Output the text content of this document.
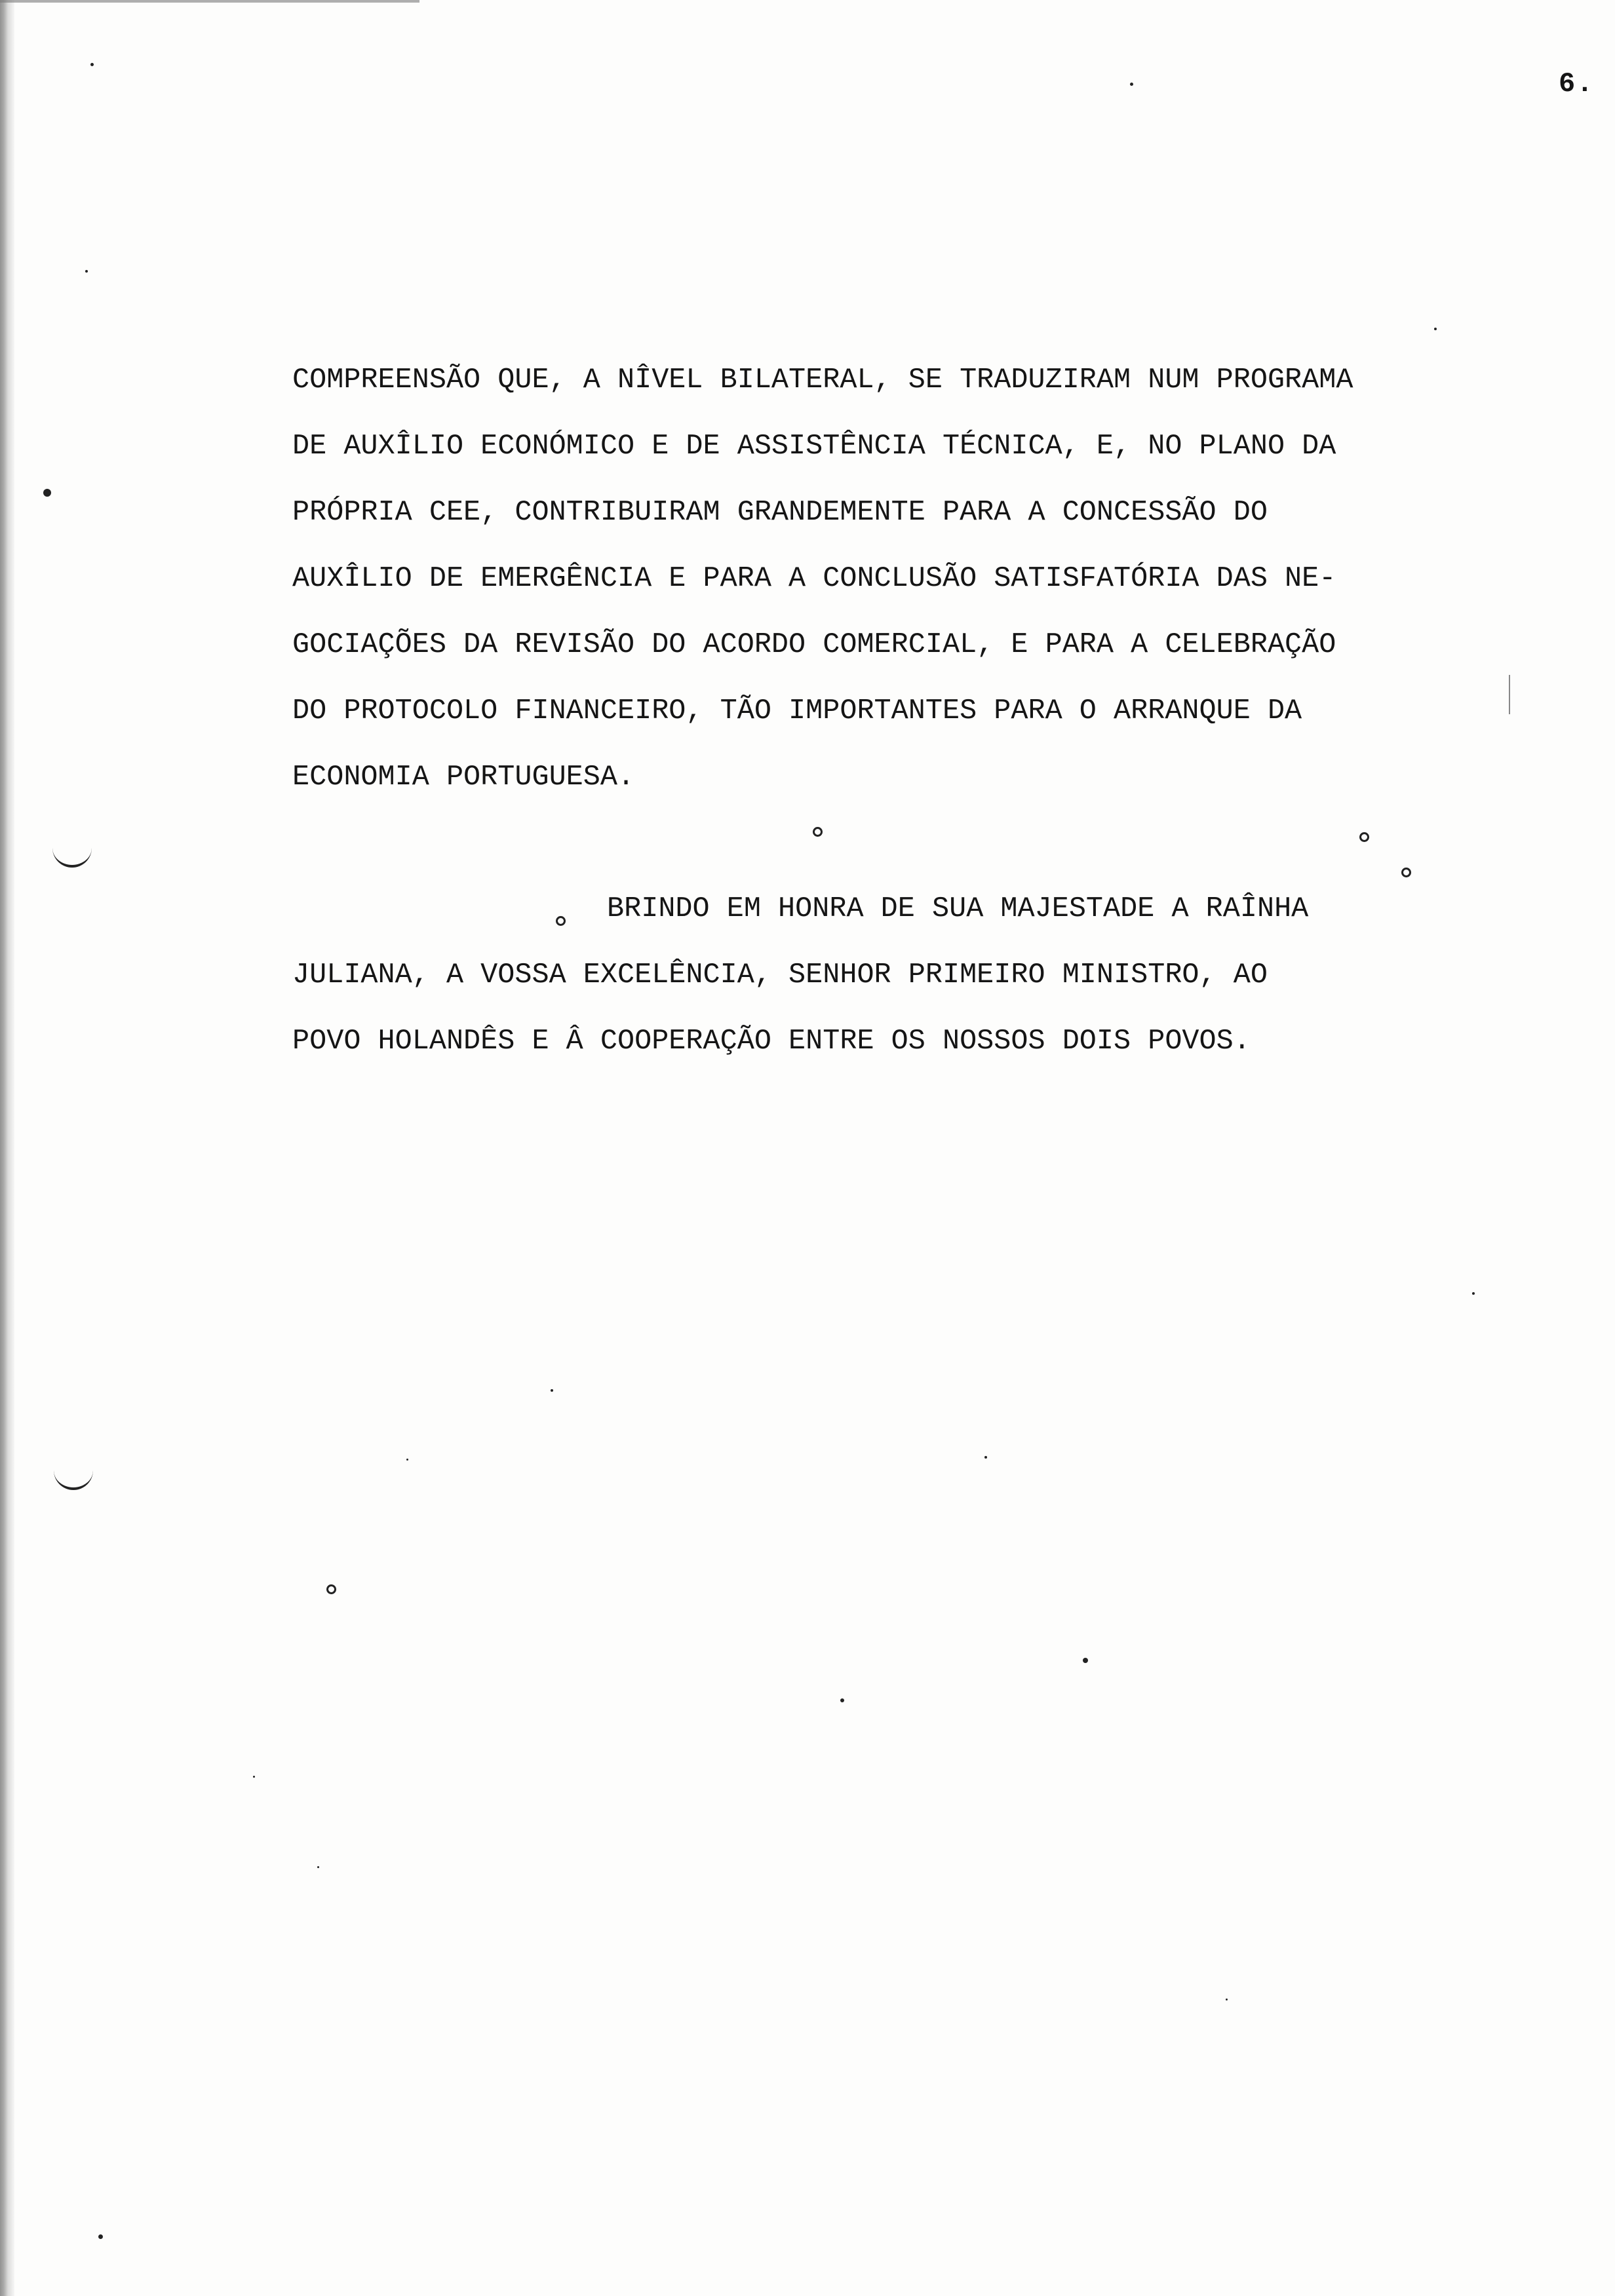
6.
COMPREENSÃO QUE, A NÎVEL BILATERAL, SE TRADUZIRAM NUM PROGRAMA
DE AUXÎLIO ECONÓMICO E DE ASSISTÊNCIA TÉCNICA, E, NO PLANO DA
PRÓPRIA CEE, CONTRIBUIRAM GRANDEMENTE PARA A CONCESSÃO DO
AUXÎLIO DE EMERGÊNCIA E PARA A CONCLUSÃO SATISFATÓRIA DAS NE-
GOCIAÇÕES DA REVISÃO DO ACORDO COMERCIAL, E PARA A CELEBRAÇÃO
DO PROTOCOLO FINANCEIRO, TÃO IMPORTANTES PARA O ARRANQUE DA
ECONOMIA PORTUGUESA.
BRINDO EM HONRA DE SUA MAJESTADE A RAÎNHA
JULIANA, A VOSSA EXCELÊNCIA, SENHOR PRIMEIRO MINISTRO, AO
POVO HOLANDÊS E Â COOPERAÇÃO ENTRE OS NOSSOS DOIS POVOS.
